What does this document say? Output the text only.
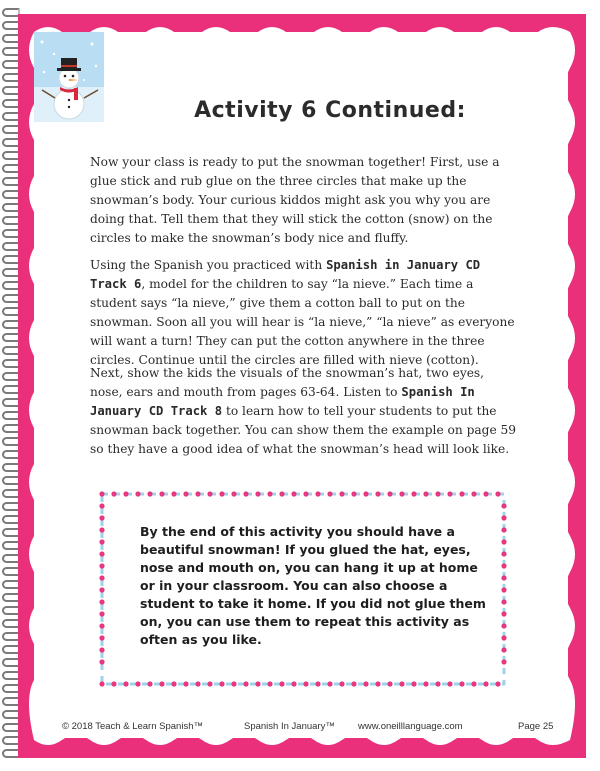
Activity 6 Continued:

Now your class is ready to put the snowman together! First, use a glue stick and rub glue on the three circles that make up the snowman’s body. Your curious kiddos might ask you why you are doing that. Tell them that they will stick the cotton (snow) on the circles to make the snowman’s body nice and fluffy.

Using the Spanish you practiced with Spanish in January CD Track 6, model for the children to say “la nieve.” Each time a student says “la nieve,” give them a cotton ball to put on the snowman. Soon all you will hear is “la nieve,” “la nieve” as everyone will want a turn! They can put the cotton anywhere in the three circles. Continue until the circles are filled with nieve (cotton).

Next, show the kids the visuals of the snowman’s hat, two eyes, nose, ears and mouth from pages 63-64. Listen to Spanish In January CD Track 8 to learn how to tell your students to put the snowman back together. You can show them the example on page 59 so they have a good idea of what the snowman’s head will look like.

By the end of this activity you should have a beautiful snowman! If you glued the hat, eyes, nose and mouth on, you can hang it up at home or in your classroom. You can also choose a student to take it home. If you did not glue them on, you can use them to repeat this activity as often as you like.

© 2018 Teach & Learn Spanish™	Spanish In January™ www.oneilllanguage.com	Page 25
